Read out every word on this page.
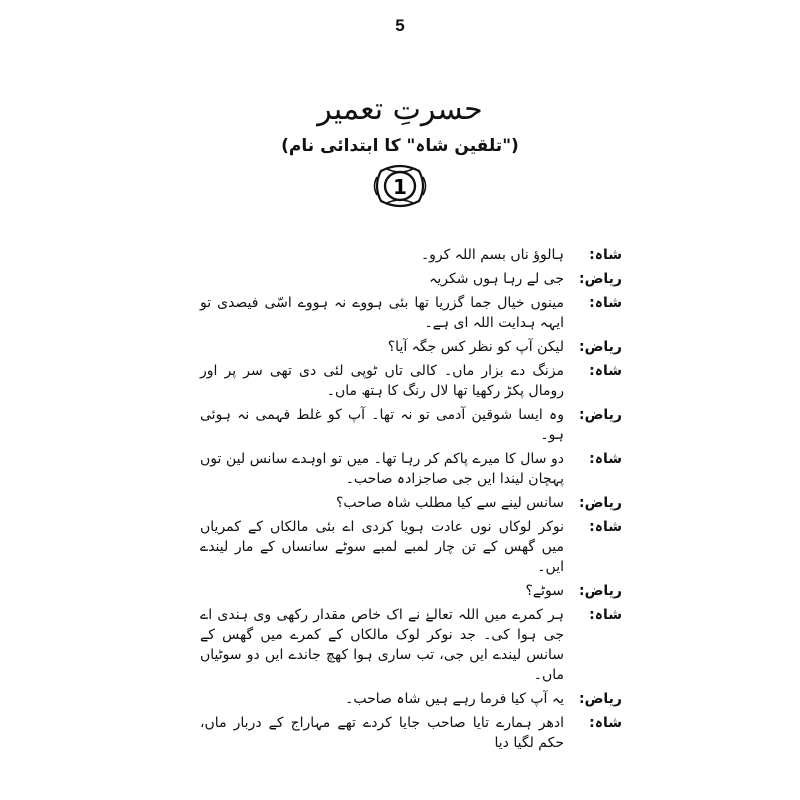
5
حسرتِ تعمیر
("تلقین شاہ" کا ابتدائی نام)
1
شاہ:
ہالوؤ ناں بسم اللہ کرو۔
ریاض:
جی لے رہا ہوں شکریہ
شاہ:
مینوں خیال جما گزریا تھا بئی ہووے نہ ہووے اسّی فیصدی تو ایہہ ہدایت اللہ ای ہے۔
ریاض:
لیکن آپ کو نظر کس جگہ آیا؟
شاہ:
مزنگ دے بزار ماں۔ کالی تاں ٹوپی لئی دی تھی سر پر اور رومال پکڑ رکھیا تھا لال رنگ کا ہتھ ماں۔
ریاض:
وہ ایسا شوقین آدمی تو نہ تھا۔ آپ کو غلط فہمی نہ ہوئی ہو۔
شاہ:
دو سال کا میرے پاکم کر رہا تھا۔ میں تو اوہدے سانس لین توں پہچان لیندا ایں جی صاجزادہ صاحب۔
ریاض:
سانس لینے سے کیا مطلب شاہ صاحب؟
شاہ:
نوکر لوکاں نوں عادت ہویا کردی اے بئی مالکاں کے کمریاں میں گھس کے تن چار لمبے لمبے سوٹے سانساں کے مار لیندے ایں۔
ریاض:
سوٹے؟
شاہ:
ہر کمرے میں اللہ تعالےٰ نے اک خاص مقدار رکھی وی ہندی اے جی ہوا کی۔ جد نوکر لوک مالکاں کے کمرے میں گھس کے سانس لیندے ایں جی، تب ساری ہوا کھچ جاندے ایں دو سوٹیاں ماں۔
ریاض:
یہ آپ کیا فرما رہے ہیں شاہ صاحب۔
شاہ:
ادھر ہمارے تایا صاحب جایا کردے تھے مہاراج کے دربار ماں، حکم لگیا دیا
